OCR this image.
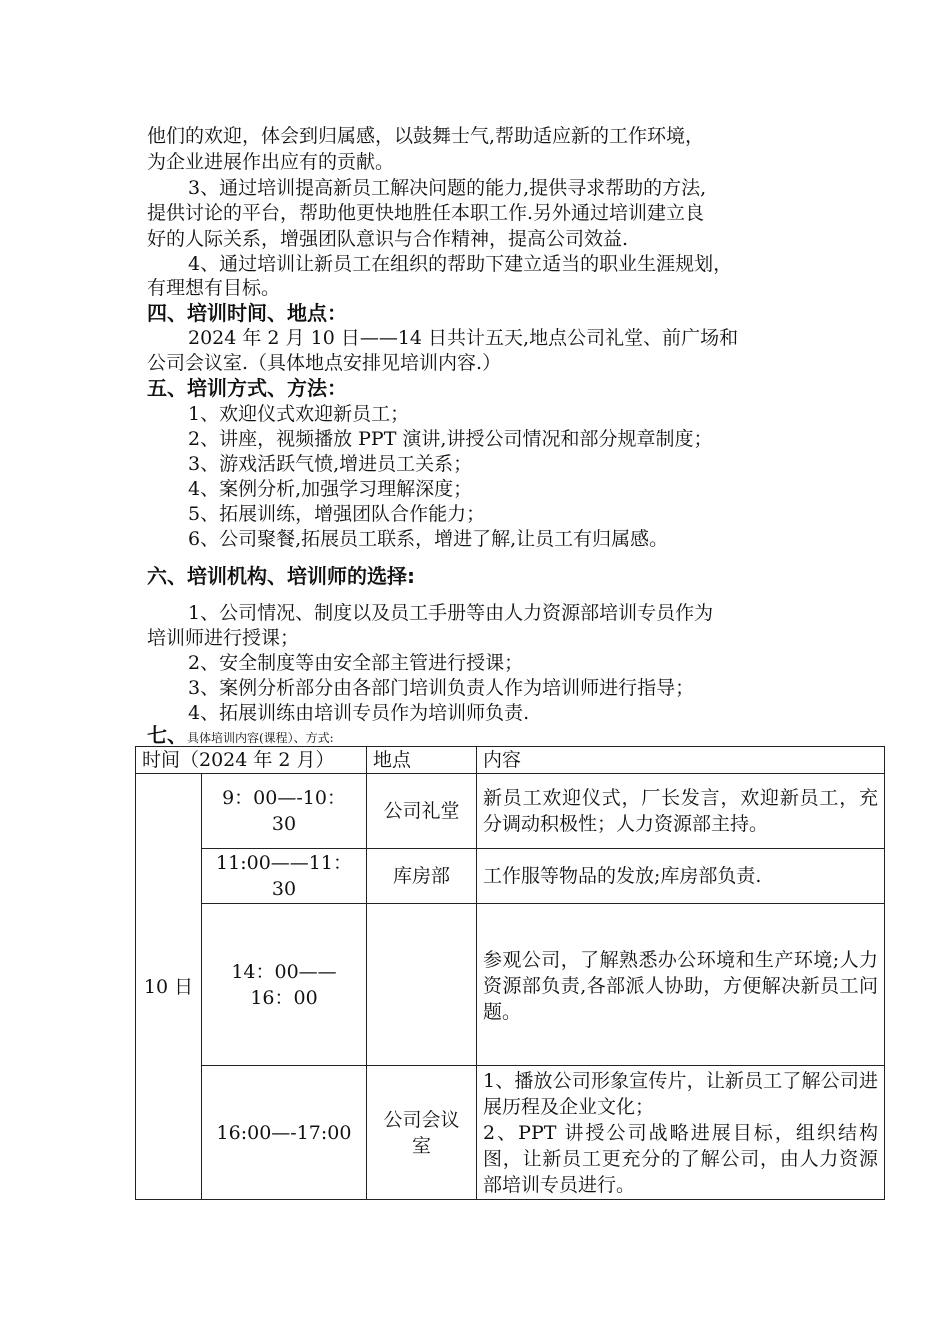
他们的欢迎，体会到归属感，以鼓舞士气,帮助适应新的工作环境，
为企业进展作出应有的贡献。
3、通过培训提高新员工解决问题的能力,提供寻求帮助的方法,
提供讨论的平台，帮助他更快地胜任本职工作.另外通过培训建立良
好的人际关系，增强团队意识与合作精神，提高公司效益.
4、通过培训让新员工在组织的帮助下建立适当的职业生涯规划，
有理想有目标。
四、培训时间、地点：
2024 年 2 月 10 日——14 日共计五天,地点公司礼堂、前广场和
公司会议室.（具体地点安排见培训内容.）
五、培训方式、方法：
1、欢迎仪式欢迎新员工；
2、讲座，视频播放 PPT 演讲,讲授公司情况和部分规章制度；
3、游戏活跃气愤,增进员工关系；
4、案例分析,加强学习理解深度；
5、拓展训练，增强团队合作能力；
6、公司聚餐,拓展员工联系，增进了解,让员工有归属感。
六、培训机构、培训师的选择:
1、公司情况、制度以及员工手册等由人力资源部培训专员作为
培训师进行授课；
2、安全制度等由安全部主管进行授课；
3、案例分析部分由各部门培训负责人作为培训师进行指导；
4、拓展训练由培训专员作为培训师负责.
七、具体培训内容(课程）、方式:
时间（2024 年 2 月）		地点	内容
10 日	9：00—-10：30	公司礼堂	新员工欢迎仪式，厂长发言，欢迎新员工，充分调动积极性；人力资源部主持。

	11:00——11：30	库房部	工作服等物品的发放;库房部负责.

	14：00——16：00		参观公司，了解熟悉办公环境和生产环境;人力资源部负责,各部派人协助，方便解决新员工问题。
	16:00—-17:00	公司会议室	1、播放公司形象宣传片，让新员工了解公司进展历程及企业文化；
2、PPT 讲授公司战略进展目标，组织结构图，让新员工更充分的了解公司，由人力资源部培训专员进行。
